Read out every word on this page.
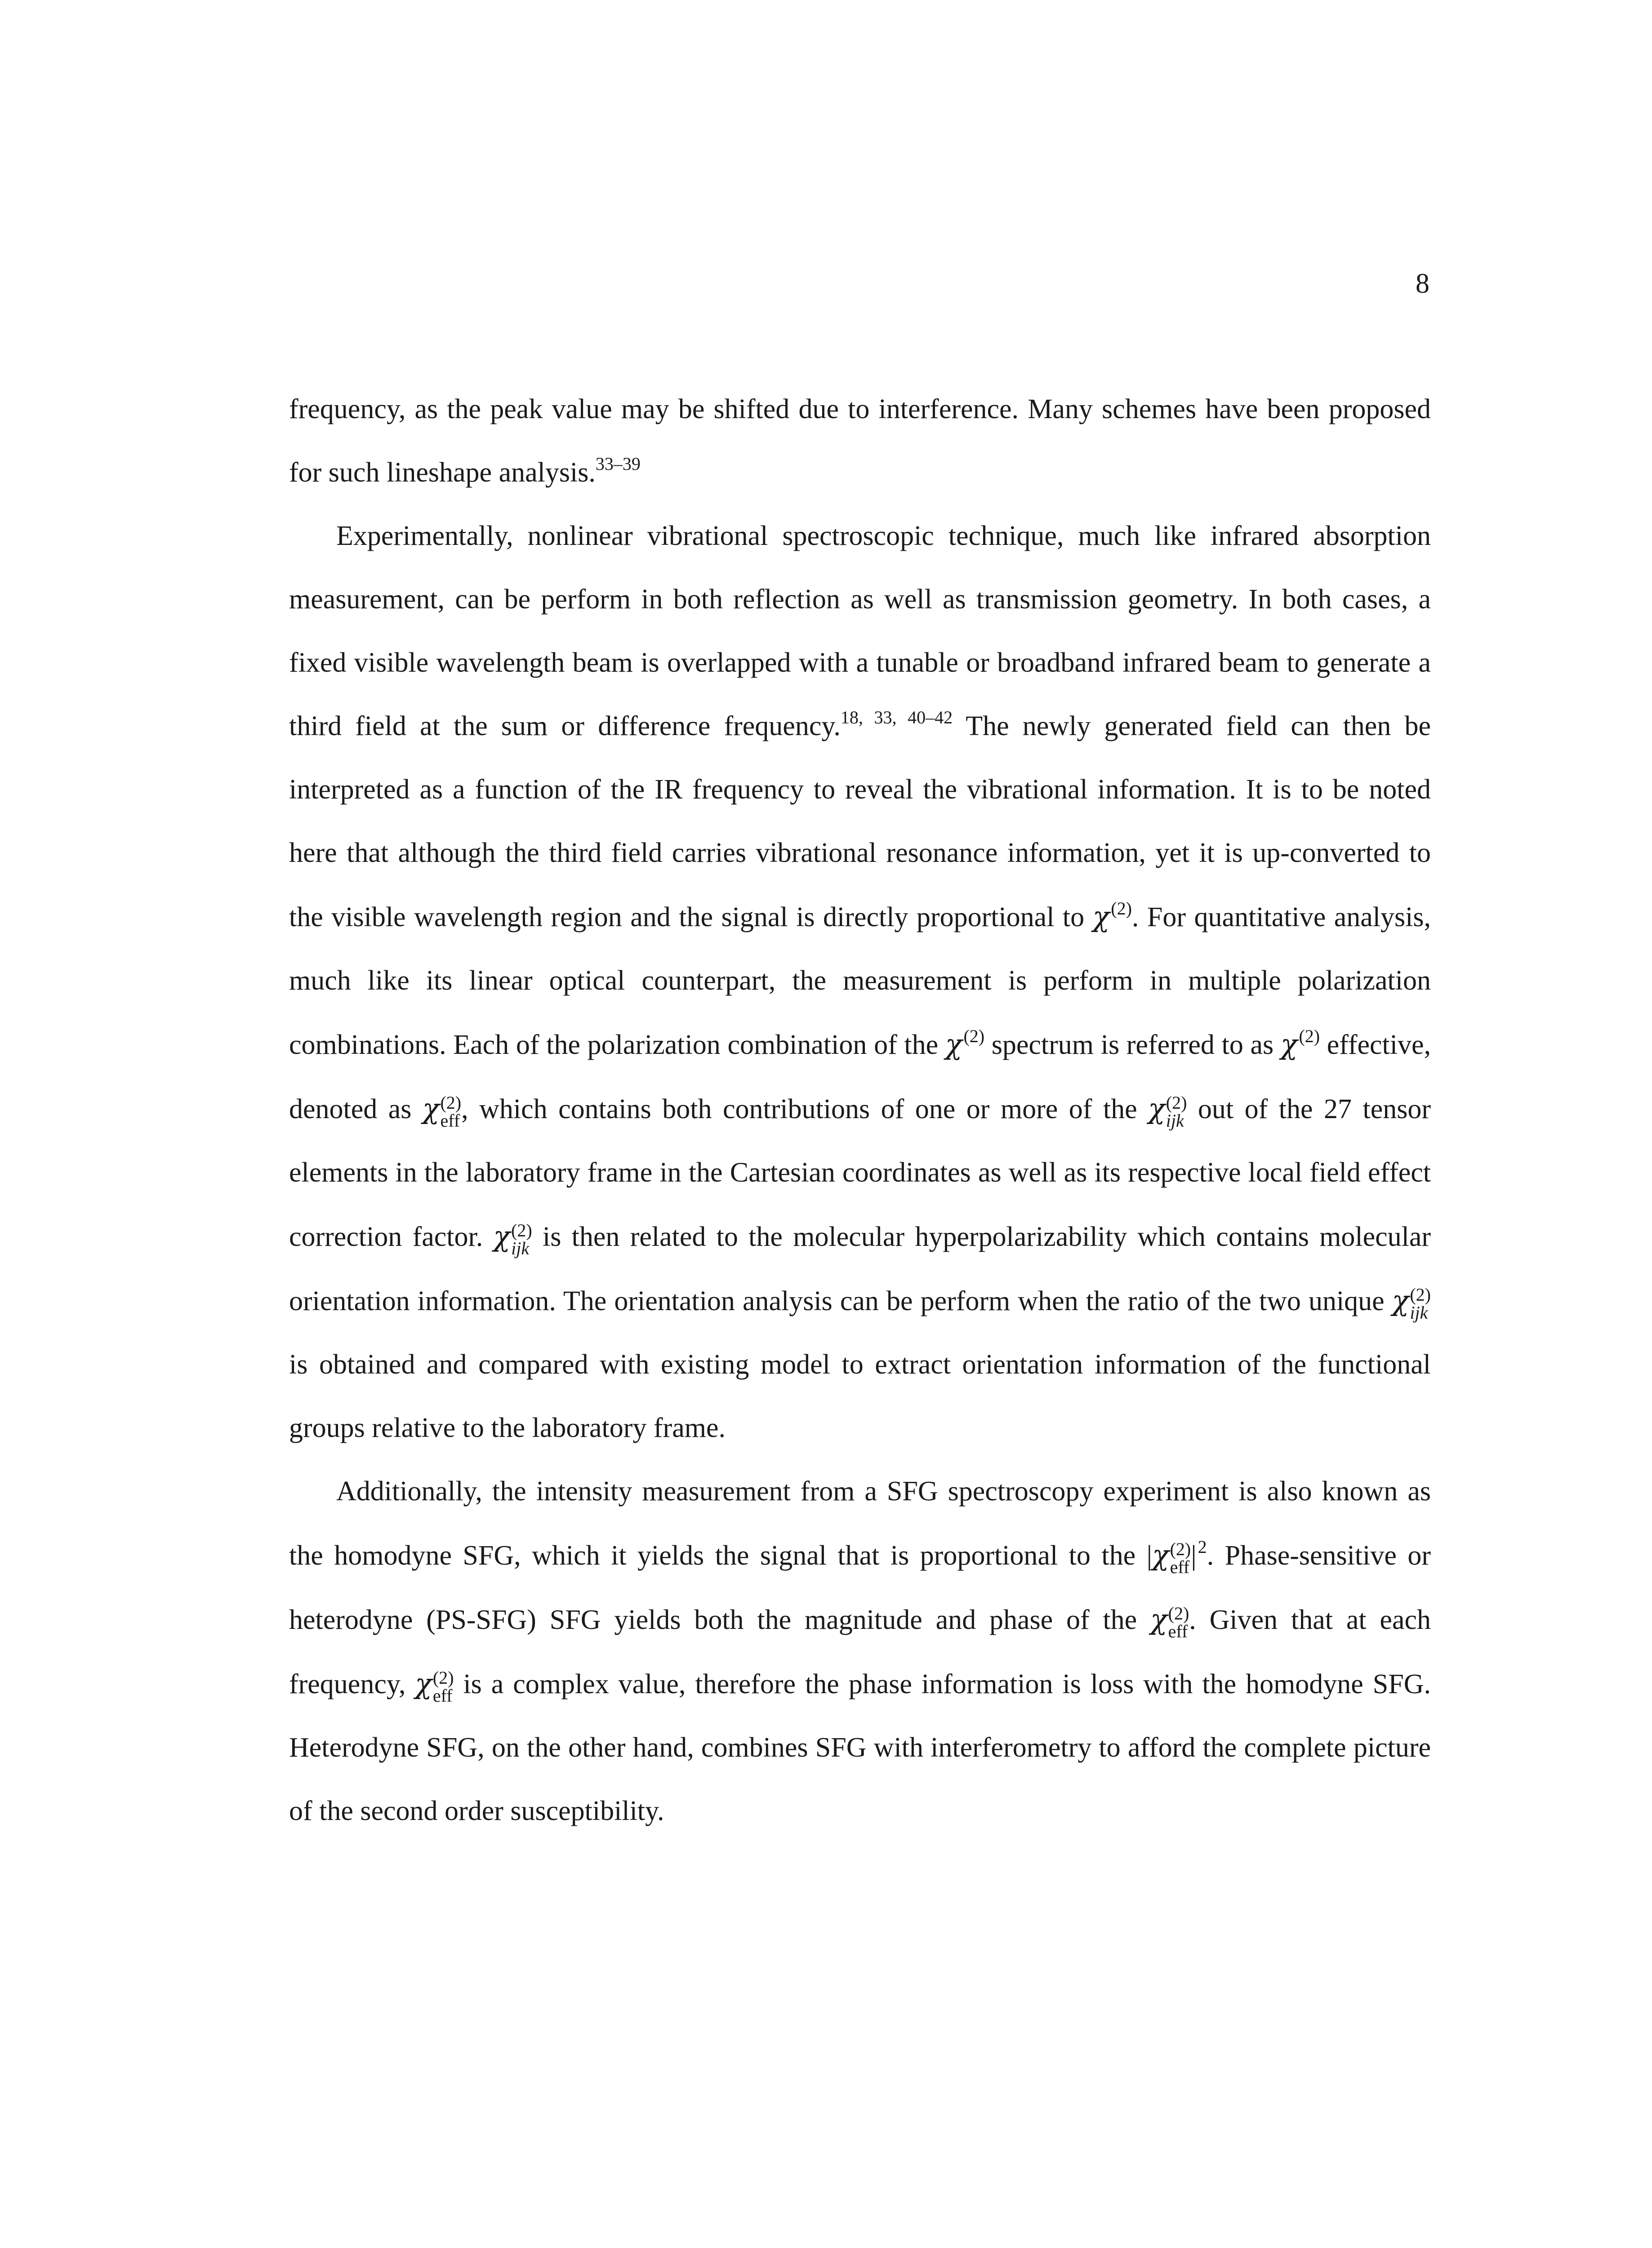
8

frequency, as the peak value may be shifted due to interference. Many schemes have been proposed for such lineshape analysis.$^{33-39}$

Experimentally, nonlinear vibrational spectroscopic technique, much like infrared absorption measurement, can be perform in both reflection as well as transmission geometry. In both cases, a fixed visible wavelength beam is overlapped with a tunable or broadband infrared beam to generate a third field at the sum or difference frequency.$^{18, 33, 40-42}$ The newly generated field can then be interpreted as a function of the IR frequency to reveal the vibrational information. It is to be noted here that although the third field carries vibrational resonance information, yet it is up-converted to the visible wavelength region and the signal is directly proportional to $\chi^{(2)}$. For quantitative analysis, much like its linear optical counterpart, the measurement is perform in multiple polarization combinations. Each of the polarization combination of the $\chi^{(2)}$ spectrum is referred to as $\chi^{(2)}$ effective, denoted as χ (2)
eff , which contains both contributions of one or more of the χ (2)
ijk out of the 27 tensor elements in the laboratory frame in the Cartesian coordinates as well as its respective local field effect correction factor. χ (2)
ijk is then related to the molecular hyperpolarizability which contains molecular orientation information. The orientation analysis can be perform when the ratio of the two unique χ (2)
ijk
is obtained and compared with existing model to extract orientation information of the functional groups relative to the laboratory frame.

Additionally, the intensity measurement from a SFG spectroscopy experiment is also known as the homodyne SFG, which it yields the signal that is proportional to the |χ (2)
eff $|^2$. Phase-sensitive or heterodyne (PS-SFG) SFG yields both the magnitude and phase of the χ (2)
eff . Given that at each frequency, χ (2)
eff is a complex value, therefore the phase information is loss with the homodyne SFG. Heterodyne SFG, on the other hand, combines SFG with interferometry to afford the complete picture of the second order susceptibility.
